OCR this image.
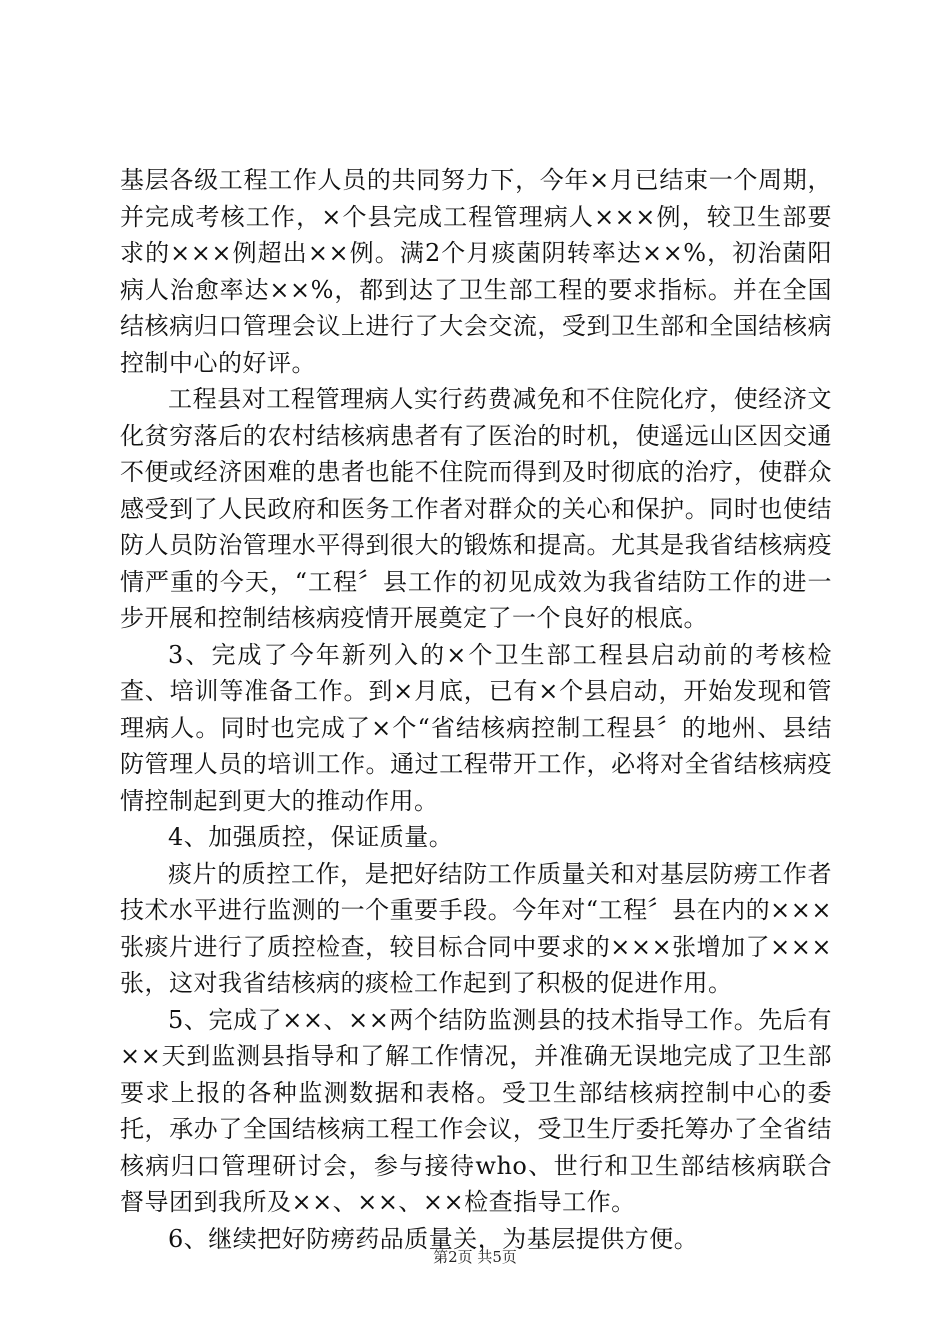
基层各级工程工作人员的共同努力下，今年×月已结束一个周期，并完成考核工作，×个县完成工程管理病人×××例，较卫生部要求的×××例超出××例。满2个月痰菌阴转率达××%，初治菌阳病人治愈率达××%，都到达了卫生部工程的要求指标。并在全国结核病归口管理会议上进行了大会交流，受到卫生部和全国结核病控制中心的好评。

工程县对工程管理病人实行药费减免和不住院化疗，使经济文化贫穷落后的农村结核病患者有了医治的时机，使遥远山区因交通不便或经济困难的患者也能不住院而得到及时彻底的治疗，使群众感受到了人民政府和医务工作者对群众的关心和保护。同时也使结防人员防治管理水平得到很大的锻炼和提高。尤其是我省结核病疫情严重的今天，“工程〞县工作的初见成效为我省结防工作的进一步开展和控制结核病疫情开展奠定了一个良好的根底。

3、完成了今年新列入的×个卫生部工程县启动前的考核检查、培训等准备工作。到×月底，已有×个县启动，开始发现和管理病人。同时也完成了×个“省结核病控制工程县〞的地州、县结防管理人员的培训工作。通过工程带开工作，必将对全省结核病疫情控制起到更大的推动作用。

4、加强质控，保证质量。

痰片的质控工作，是把好结防工作质量关和对基层防痨工作者技术水平进行监测的一个重要手段。今年对“工程〞县在内的×××张痰片进行了质控检查，较目标合同中要求的×××张增加了×××张，这对我省结核病的痰检工作起到了积极的促进作用。

5、完成了××、××两个结防监测县的技术指导工作。先后有××天到监测县指导和了解工作情况，并准确无误地完成了卫生部要求上报的各种监测数据和表格。受卫生部结核病控制中心的委托，承办了全国结核病工程工作会议，受卫生厅委托筹办了全省结核病归口管理研讨会，参与接待who、世行和卫生部结核病联合督导团到我所及××、××、××检查指导工作。

6、继续把好防痨药品质量关，为基层提供方便。

第2页 共5页
